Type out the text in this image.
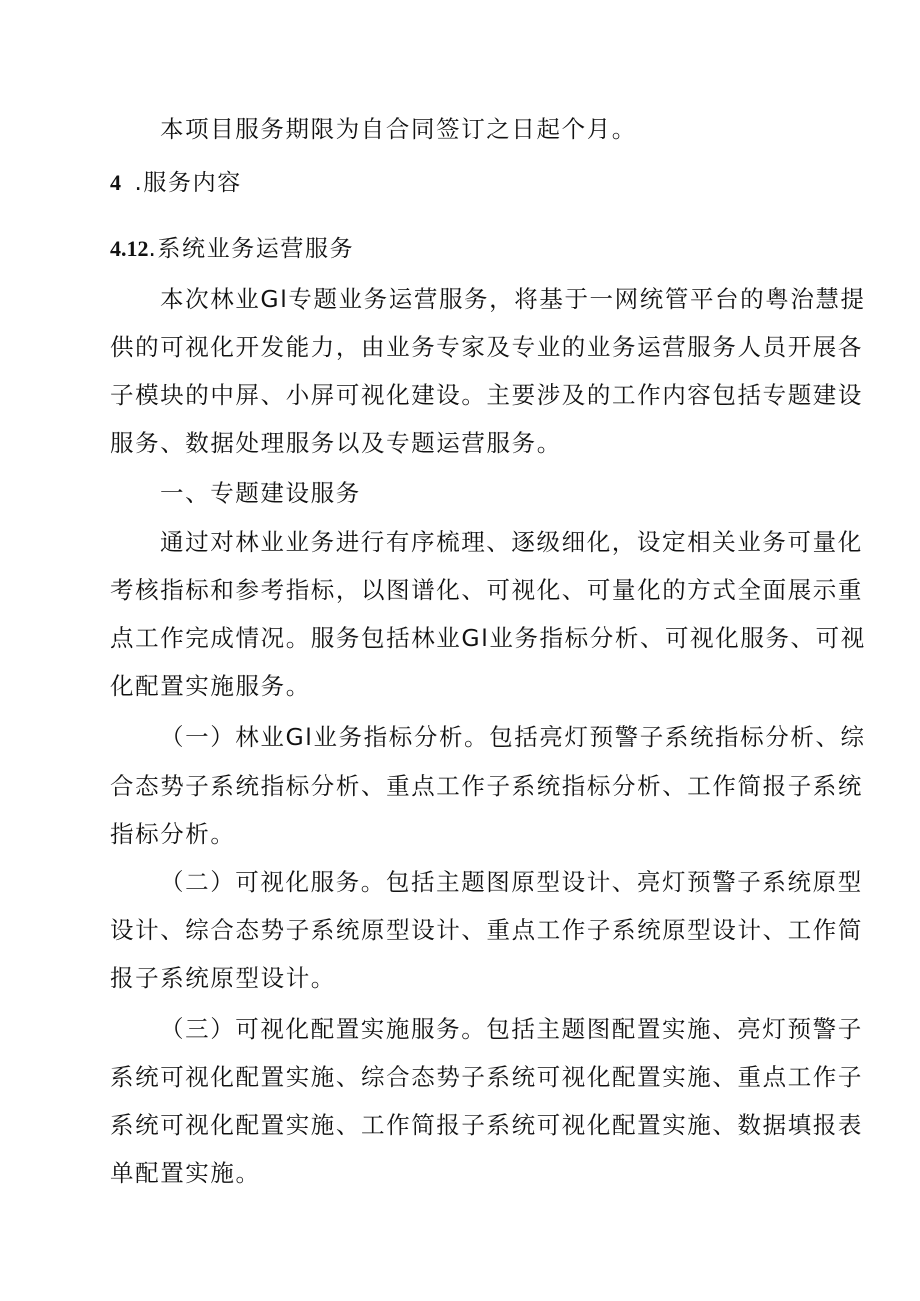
本项目服务期限为自合同签订之日起个月。
4 .服务内容
4.12.系统业务运营服务
本次林业Gl专题业务运营服务，将基于一网统管平台的粤治慧提
供的可视化开发能力，由业务专家及专业的业务运营服务人员开展各
子模块的中屏、小屏可视化建设。主要涉及的工作内容包括专题建设
服务、数据处理服务以及专题运营服务。
一、专题建设服务
通过对林业业务进行有序梳理、逐级细化，设定相关业务可量化
考核指标和参考指标，以图谱化、可视化、可量化的方式全面展示重
点工作完成情况。服务包括林业Gl业务指标分析、可视化服务、可视
化配置实施服务。
（一）林业Gl业务指标分析。包括亮灯预警子系统指标分析、综
合态势子系统指标分析、重点工作子系统指标分析、工作简报子系统
指标分析。
（二）可视化服务。包括主题图原型设计、亮灯预警子系统原型
设计、综合态势子系统原型设计、重点工作子系统原型设计、工作简
报子系统原型设计。
（三）可视化配置实施服务。包括主题图配置实施、亮灯预警子
系统可视化配置实施、综合态势子系统可视化配置实施、重点工作子
系统可视化配置实施、工作简报子系统可视化配置实施、数据填报表
单配置实施。
